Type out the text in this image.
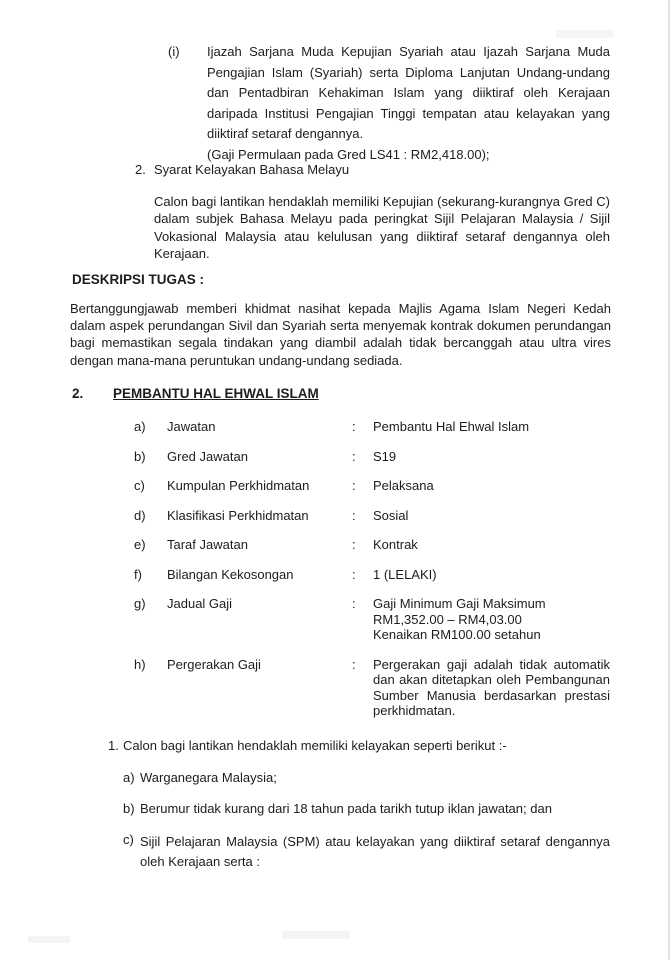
(i)	Ijazah Sarjana Muda Kepujian Syariah atau Ijazah Sarjana Muda Pengajian Islam (Syariah) serta Diploma Lanjutan Undang-undang dan Pentadbiran Kehakiman Islam yang diiktiraf oleh Kerajaan daripada Institusi Pengajian Tinggi tempatan atau kelayakan yang diiktiraf setaraf dengannya.

(Gaji Permulaan pada Gred LS41 : RM2,418.00);
2. Syarat Kelayakan Bahasa Melayu

Calon bagi lantikan hendaklah memiliki Kepujian (sekurang-kurangnya Gred C) dalam subjek Bahasa Melayu pada peringkat Sijil Pelajaran Malaysia / Sijil Vokasional Malaysia atau kelulusan yang diiktiraf setaraf dengannya oleh Kerajaan.

DESKRIPSI TUGAS :
Bertanggungjawab memberi khidmat nasihat kepada Majlis Agama Islam Negeri Kedah dalam aspek perundangan Sivil dan Syariah serta menyemak kontrak dokumen perundangan bagi memastikan segala tindakan yang diambil adalah tidak bercanggah atau ultra vires dengan mana-mana peruntukan undang-undang sediada.
2.	PEMBANTU HAL EHWAL ISLAM
a)	Jawatan	:	Pembantu Hal Ehwal Islam
b)	Gred Jawatan	:	S19
c)	Kumpulan Perkhidmatan	:	Pelaksana
d)	Klasifikasi Perkhidmatan	:	Sosial
e)	Taraf Jawatan	:	Kontrak
f)	Bilangan Kekosongan	:	1 (LELAKI)
g)	Jadual Gaji	:	Gaji Minimum Gaji Maksimum
RM1,352.00 – RM4,03.00
Kenaikan RM100.00 setahun
h)	Pergerakan Gaji	:	Pergerakan gaji adalah tidak automatik dan akan ditetapkan oleh Pembangunan Sumber Manusia berdasarkan prestasi perkhidmatan.
1. Calon bagi lantikan hendaklah memiliki kelayakan seperti berikut :-
a) Warganegara Malaysia;
b) Berumur tidak kurang dari 18 tahun pada tarikh tutup iklan jawatan; dan
c) Sijil Pelajaran Malaysia (SPM) atau kelayakan yang diiktiraf setaraf dengannya oleh Kerajaan serta :
